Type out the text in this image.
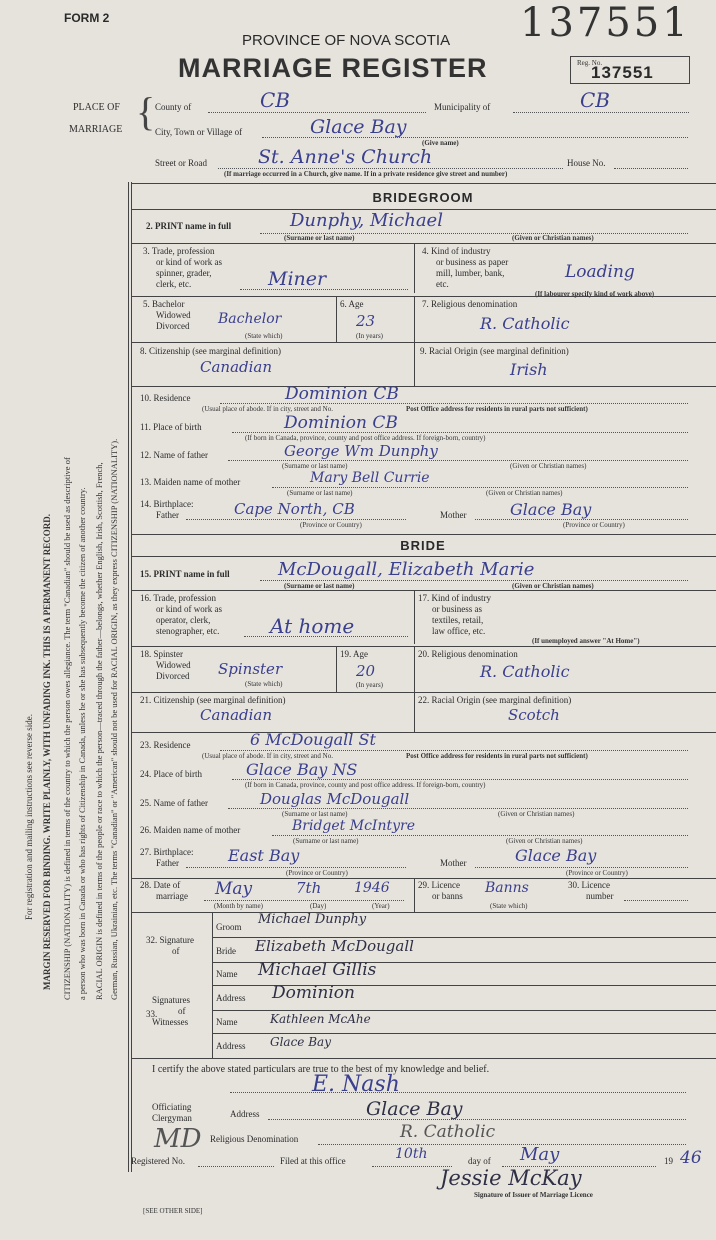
FORM 2
PROVINCE OF NOVA SCOTIA
MARRIAGE REGISTER
137551
Reg. No.
137551
For registration and mailing instructions see reverse side. MARGIN RESERVED FOR BINDING. WRITE PLAINLY, WITH UNFADING INK. THIS IS A PERMANENT RECORD. CITIZENSHIP (NATIONALITY) is defined in terms of the country to which the person owes allegiance. The term "Canadian" should be used as descriptive of a person who was born in Canada or who has rights of Citizenship in Canada, unless he or she has subsequently become the citizen of another country. RACIAL ORIGIN is defined in terms of the people or race to which the person—traced through the father—belongs, whether English, Irish, Scottish, French, German, Russian, Ukrainian, etc. The terms "Canadian" or "American" should not be used for RACIAL ORIGIN, as they express CITIZENSHIP (NATIONALITY).
PLACE OF
MARRIAGE { County of	CB	Municipality of	CB
City, Town or Village of	Glace Bay
(Give name)
Street or Road	St. Anne's Church	House No.
(If marriage occurred in a Church, give name. If in a private residence give street and number)
BRIDEGROOM
2. PRINT name in full	Dunphy, Michael
(Surname or last name)	(Given or Christian names)
3. Trade, profession
or kind of work as
spinner, grader,
clerk, etc.	Miner
4. Kind of industry
or business as paper
mill, lumber, bank,
etc.
Loading
(If labourer specify kind of work above)
5. Bachelor
Widowed
Divorced Bachelor
(State which)
6. Age
23
(In years)
7. Religious denomination
R. Catholic
8. Citizenship (see marginal definition)
Canadian
9. Racial Origin (see marginal definition)
Irish
10. Residence	Dominion CB
(Usual place of abode. If in city, street and No.	Post Office address for residents in rural parts not sufficient)
11. Place of birth	Dominion CB
(If born in Canada, province, county and post office address. If foreign-born, country)
12. Name of father	George Wm Dunphy
(Surname or last name)	(Given or Christian names)
13. Maiden name of mother	Mary Bell Currie
(Surname or last name)	(Given or Christian names)
14. Birthplace:
Father	Cape North, CB
(Province or Country)
Mother	Glace Bay
(Province or Country)
BRIDE
15. PRINT name in full	McDougall, Elizabeth Marie
(Surname or last name)	(Given or Christian names)
16. Trade, profession
or kind of work as
operator, clerk,
stenographer, etc.	At home
17. Kind of industry
or business as
textiles, retail,
law office, etc.
(If unemployed answer "At Home")
18. Spinster
Widowed
Divorced Spinster
(State which)
19. Age
20
(In years)
20. Religious denomination
R. Catholic
21. Citizenship (see marginal definition)
Canadian
22. Racial Origin (see marginal definition)
Scotch
23. Residence	6 McDougall St
(Usual place of abode. If in city, street and No.	Post Office address for residents in rural parts not sufficient)
24. Place of birth	Glace Bay NS
(If born in Canada, province, county and post office address. If foreign-born, country)
25. Name of father	Douglas McDougall
(Surname or last name)	(Given or Christian names)
26. Maiden name of mother	Bridget McIntyre
(Surname or last name)	(Given or Christian names)
27. Birthplace:
Father	East Bay
(Province or Country)
Mother	Glace Bay
(Province or Country)
28. Date of
marriage May	7th 1946
(Month by name)	(Day)	(Year)
29. Licence
or banns Banns
(State which)
30. Licence
number
32. Signature
of
Groom Michael Dunphy
Bride Elizabeth McDougall
33.
Signatures
of
Witnesses
Name Michael Gillis
Address Dominion
Name	Kathleen McAhe
Address Glace Bay
I certify the above stated particulars are true to the best of my knowledge and belief.
Officiating
Clergyman
E. Nash
Address	Glace Bay
Religious Denomination	R. Catholic
MD
Registered No.	Filed at this office	10th	day of May	19 46
Jessie McKay
Signature of Issuer of Marriage Licence
[SEE OTHER SIDE]
